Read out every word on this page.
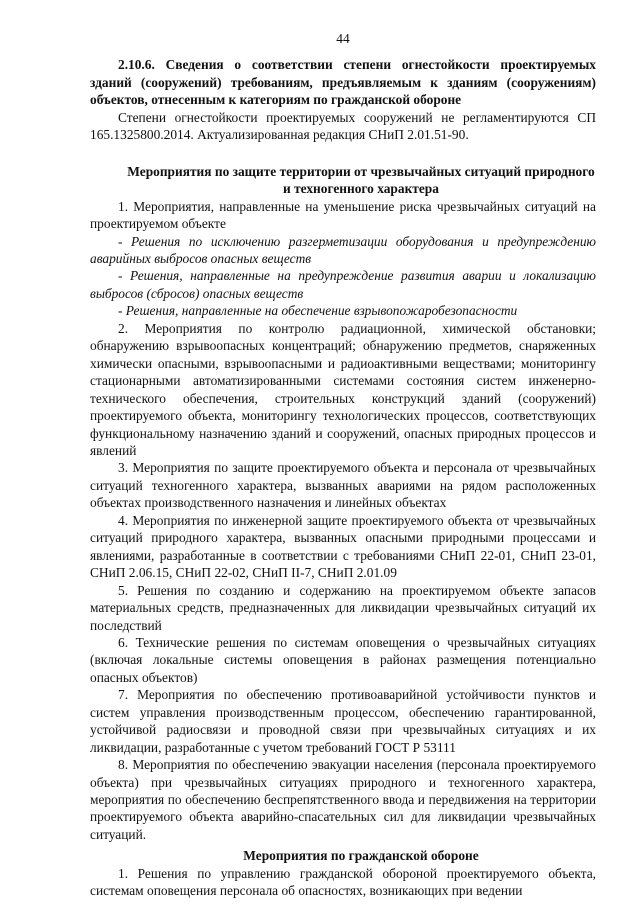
44

2.10.6. Сведения о соответствии степени огнестойкости проектируемых зданий (сооружений) требованиям, предъявляемым к зданиям (сооружениям) объектов, отнесенным к категориям по гражданской обороне

Степени огнестойкости проектируемых сооружений не регламентируются СП 165.1325800.2014. Актуализированная редакция СНиП 2.01.51-90.

Мероприятия по защите территории от чрезвычайных ситуаций природного и техногенного характера

1. Мероприятия, направленные на уменьшение риска чрезвычайных ситуаций на проектируемом объекте

- Решения по исключению разгерметизации оборудования и предупреждению аварийных выбросов опасных веществ

- Решения, направленные на предупреждение развития аварии и локализацию выбросов (сбросов) опасных веществ

- Решения, направленные на обеспечение взрывопожаробезопасности

2. Мероприятия по контролю радиационной, химической обстановки; обнаружению взрывоопасных концентраций; обнаружению предметов, снаряженных химически опасными, взрывоопасными и радиоактивными веществами; мониторингу стационарными автоматизированными системами состояния систем инженерно-технического обеспечения, строительных конструкций зданий (сооружений) проектируемого объекта, мониторингу технологических процессов, соответствующих функциональному назначению зданий и сооружений, опасных природных процессов и явлений

3. Мероприятия по защите проектируемого объекта и персонала от чрезвычайных ситуаций техногенного характера, вызванных авариями на рядом расположенных объектах производственного назначения и линейных объектах

4. Мероприятия по инженерной защите проектируемого объекта от чрезвычайных ситуаций природного характера, вызванных опасными природными процессами и явлениями, разработанные в соответствии с требованиями СНиП 22-01, СНиП 23-01, СНиП 2.06.15, СНиП 22-02, СНиП II-7, СНиП 2.01.09

5. Решения по созданию и содержанию на проектируемом объекте запасов материальных средств, предназначенных для ликвидации чрезвычайных ситуаций их последствий

6. Технические решения по системам оповещения о чрезвычайных ситуациях (включая локальные системы оповещения в районах размещения потенциально опасных объектов)

7. Мероприятия по обеспечению противоаварийной устойчивости пунктов и систем управления производственным процессом, обеспечению гарантированной, устойчивой радиосвязи и проводной связи при чрезвычайных ситуациях и их ликвидации, разработанные с учетом требований ГОСТ Р 53111

8. Мероприятия по обеспечению эвакуации населения (персонала проектируемого объекта) при чрезвычайных ситуациях природного и техногенного характера, мероприятия по обеспечению беспрепятственного ввода и передвижения на территории проектируемого объекта аварийно-спасательных сил для ликвидации чрезвычайных ситуаций.

Мероприятия по гражданской обороне

1. Решения по управлению гражданской обороной проектируемого объекта, системам оповещения персонала об опасностях, возникающих при ведении
